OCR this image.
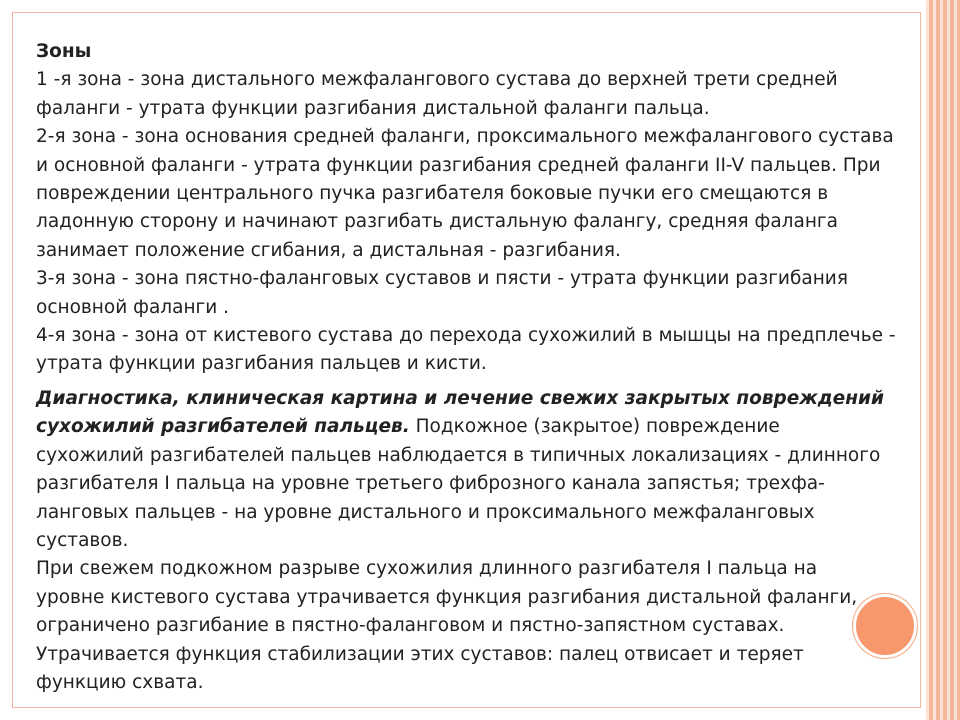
Зоны

1 -я зона - зона дистального межфалангового сустава до верхней трети средней
фаланги - утрата функции разгибания дистальной фаланги пальца.

2-я зона - зона основания средней фаланги, проксимального межфалангового сустава
и основной фаланги - утрата функции разгибания средней фаланги II-V пальцев. При
повреждении центрального пучка разгибателя боковые пучки его смещаются в
ладонную сторону и начинают разгибать дистальную фалангу, средняя фаланга
занимает положение сгибания, а дистальная - разгибания.

3-я зона - зона пястно-фаланговых суставов и пясти - утрата функции разгибания
основной фаланги .

4-я зона - зона от кистевого сустава до перехода сухожилий в мышцы на предплечье -
утрата функции разгибания пальцев и кисти.

Диагностика, клиническая картина и лечение свежих закрытых повреждений
сухожилий разгибателей пальцев. Подкожное (закрытое) повреждение
сухожилий разгибателей пальцев наблюдается в типичных локализациях - длинного
разгибателя I пальца на уровне третьего фиброзного канала запястья; трехфа-
ланговых пальцев - на уровне дистального и проксимального межфаланговых
суставов.

При свежем подкожном разрыве сухожилия длинного разгибателя I пальца на
уровне кистевого сустава утрачивается функция разгибания дистальной фаланги,
ограничено разгибание в пястно-фаланговом и пястно-запястном суставах.
Утрачивается функция стабилизации этих суставов: палец отвисает и теряет
функцию схвата.
